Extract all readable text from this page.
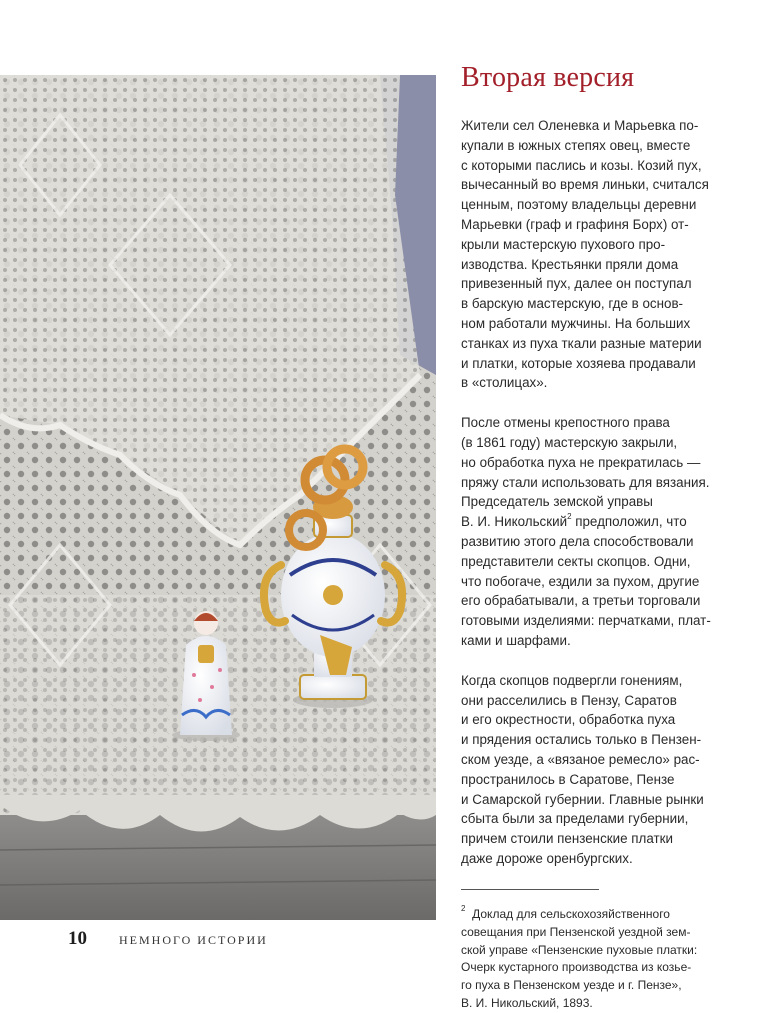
Вторая версия

Жители сел Оленевка и Марьевка по-
купали в южных степях овец, вместе
с которыми паслись и козы. Козий пух,
вычесанный во время линьки, считался
ценным, поэтому владельцы деревни
Марьевки (граф и графиня Борх) от-
крыли мастерскую пухового про-
изводства. Крестьянки пряли дома
привезенный пух, далее он поступал
в барскую мастерскую, где в основ-
ном работали мужчины. На больших
станках из пуха ткали разные материи
и платки, которые хозяева продавали
в «столицах».

После отмены крепостного права
(в 1861 году) мастерскую закрыли,
но обработка пуха не прекратилась —
пряжу стали использовать для вязания.
Председатель земской управы
В. И. Никольский$^2$ предположил, что
развитию этого дела способствовали
представители секты скопцов. Одни,
что побогаче, ездили за пухом, другие
его обрабатывали, а третьи торговали
готовыми изделиями: перчатками, плат-
ками и шарфами.

Когда скопцов подвергли гонениям,
они расселились в Пензу, Саратов
и его окрестности, обработка пуха
и прядения остались только в Пензен-
ском уезде, а «вязаное ремесло» рас-
пространилось в Саратове, Пензе
и Самарской губернии. Главные рынки
сбыта были за пределами губернии,
причем стоили пензенские платки
даже дороже оренбургских.

$^2$  Доклад для сельскохозяйственного
совещания при Пензенской уездной зем-
ской управе «Пензенские пуховые платки:
Очерк кустарного производства из козье-
го пуха в Пензенском уезде и г. Пензе»,
В. И. Никольский, 1893.
10	НЕМНОГО ИСТОРИИ
